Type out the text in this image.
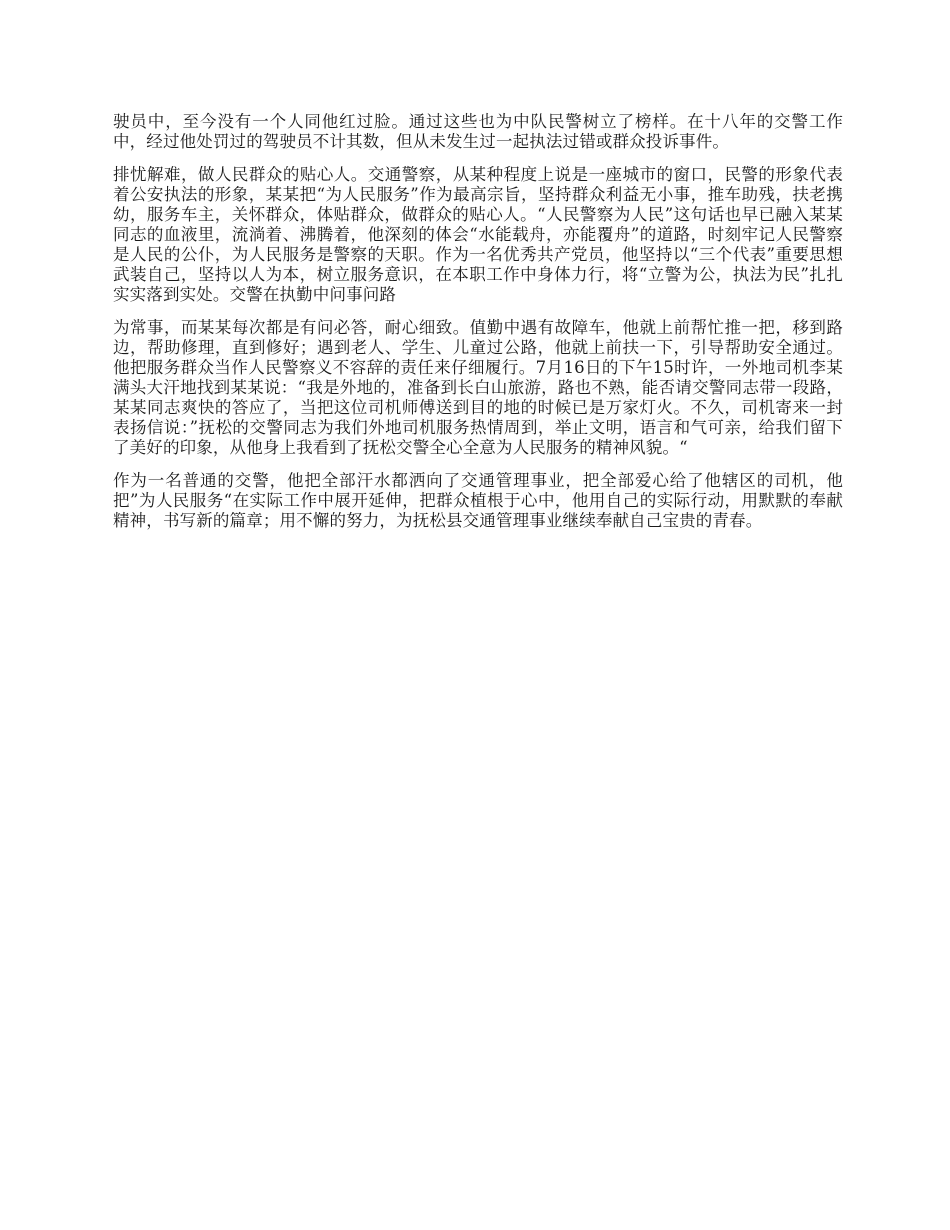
驶员中，至今没有一个人同他红过脸。通过这些也为中队民警树立了榜样。在十八年的交警工作中，经过他处罚过的驾驶员不计其数，但从未发生过一起执法过错或群众投诉事件。

排忧解难，做人民群众的贴心人。交通警察，从某种程度上说是一座城市的窗口，民警的形象代表着公安执法的形象，某某把“为人民服务”作为最高宗旨，坚持群众利益无小事，推车助残，扶老携幼，服务车主，关怀群众，体贴群众，做群众的贴心人。“人民警察为人民”这句话也早已融入某某同志的血液里，流淌着、沸腾着，他深刻的体会“水能载舟，亦能覆舟”的道路，时刻牢记人民警察是人民的公仆，为人民服务是警察的天职。作为一名优秀共产党员，他坚持以“三个代表”重要思想武装自己，坚持以人为本，树立服务意识，在本职工作中身体力行，将“立警为公，执法为民”扎扎实实落到实处。交警在执勤中问事问路

为常事，而某某每次都是有问必答，耐心细致。值勤中遇有故障车，他就上前帮忙推一把，移到路边，帮助修理，直到修好；遇到老人、学生、儿童过公路，他就上前扶一下，引导帮助安全通过。他把服务群众当作人民警察义不容辞的责任来仔细履行。7月16日的下午15时许，一外地司机李某满头大汗地找到某某说：“我是外地的，准备到长白山旅游，路也不熟，能否请交警同志带一段路，某某同志爽快的答应了，当把这位司机师傅送到目的地的时候已是万家灯火。不久，司机寄来一封表扬信说：”抚松的交警同志为我们外地司机服务热情周到，举止文明，语言和气可亲，给我们留下了美好的印象，从他身上我看到了抚松交警全心全意为人民服务的精神风貌。“

作为一名普通的交警，他把全部汗水都洒向了交通管理事业，把全部爱心给了他辖区的司机，他把”为人民服务“在实际工作中展开延伸，把群众植根于心中，他用自己的实际行动，用默默的奉献精神，书写新的篇章；用不懈的努力，为抚松县交通管理事业继续奉献自己宝贵的青春。
